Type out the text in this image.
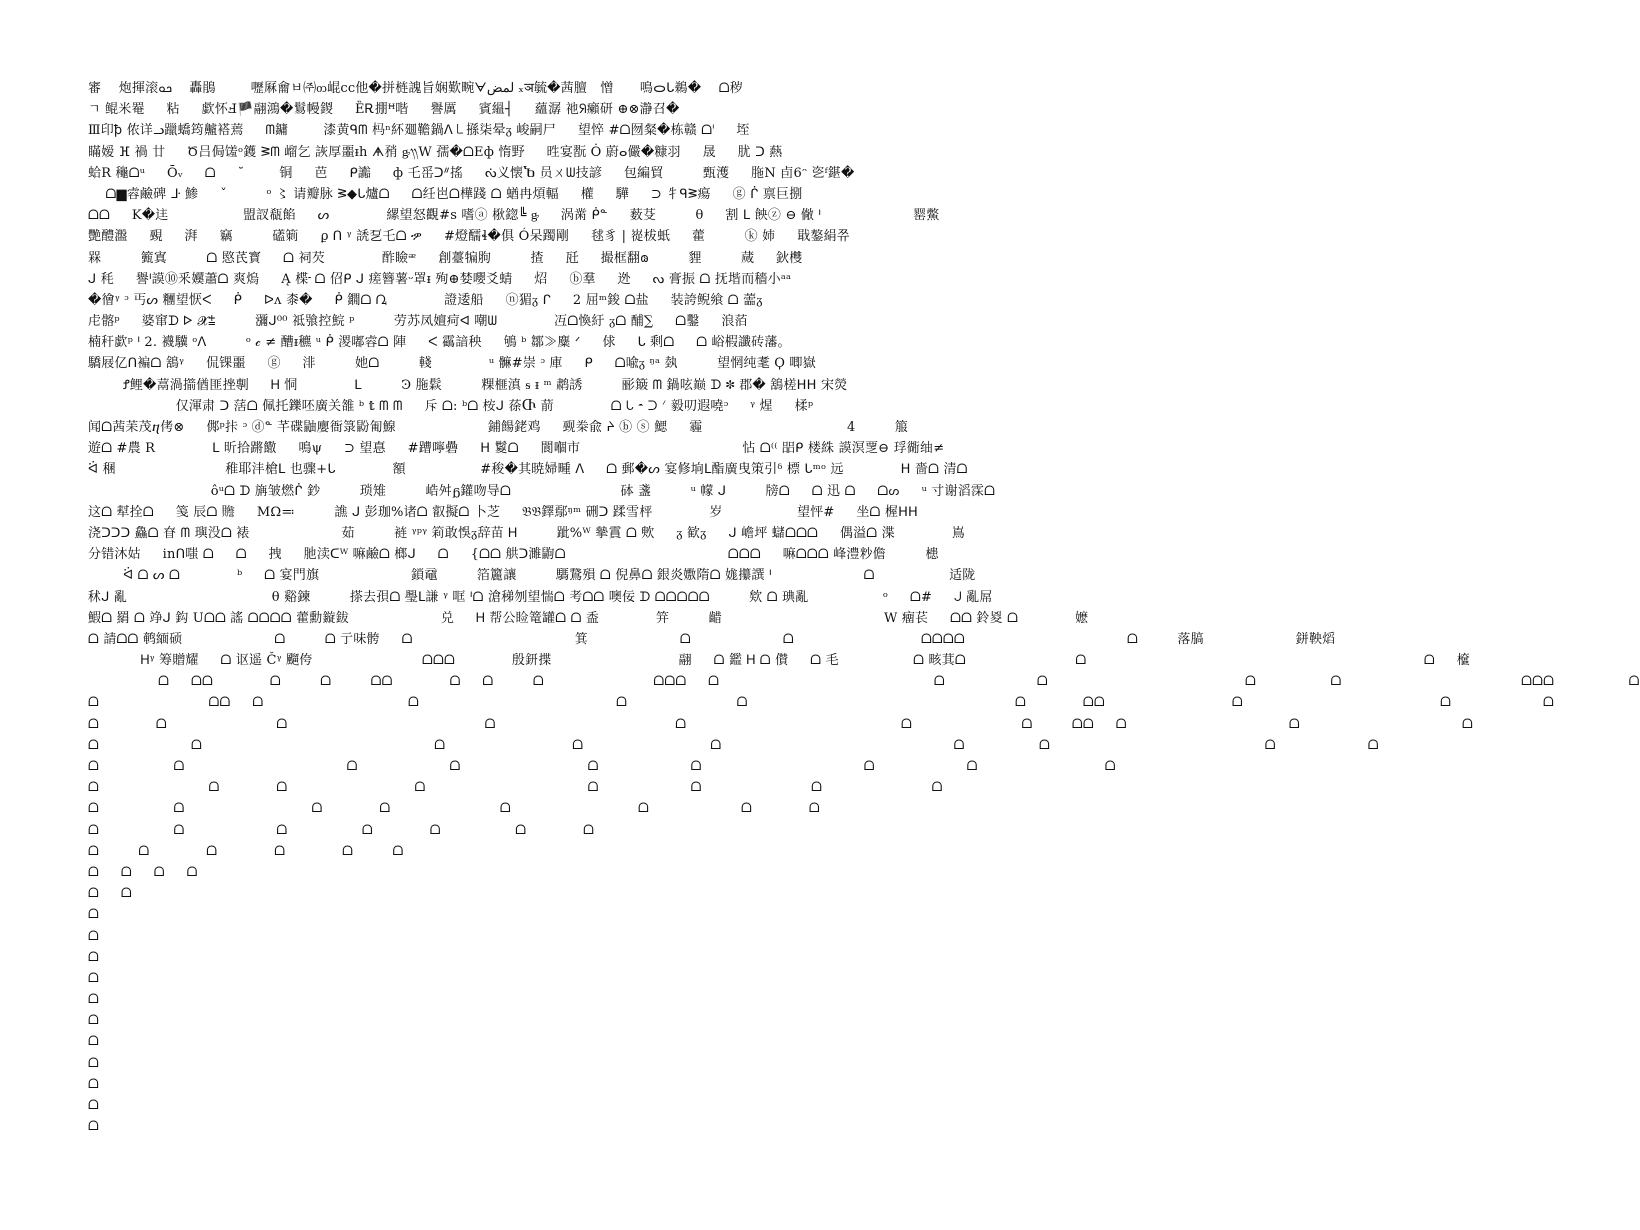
審　 炮揮滚ܟܘ　 轟鵑 　　 嚦厤龠ㅂ㈜ᦎ崐cc他�拼梿謉旨娴歎畹ᗄلمض ₓञ毓�茜膻　憎　　鳴ᯆᒐ鵜� 　ᗝ秽
ㄱ 鲲米罨 　 粘 　 歔怀Ⅎ🏴翮鴻�鬄幔鍐 　 ȄᎡ掤ꟸ喈 　 譽厲 　 賓縕┤ 　 蘊潺 祂ᖆ癩研 ⊕⊗瀞召�
Ⅲ印ꝥ 侬详ᓗ躐蟜筠齇褡蔫 　 ᗰ鏞 　　 漆黄ᑫᗰ 杩ⁿ紑廽韂鍋ᐱ㇄搎柒晕ᵹ 峻嗣尸 　 望悴 #ᗝ囫粲�栋赣 ᗝᑊ 　 垤
瞞嫒 ⴼ 禍 廿 　 Ծ吕侷馐ᵒ鑊 ᕒᗰ 嵧乞 詼厚噩ᵻh ᗗ矟 ᶃ᭟W 孺�ᗝEф 惰野 　 甠宴翫 Ȯ 蔚ⴰ儼�糠羽 　 晟 　 肬 ᑐ 爇
蛤R 龝ᗝᵘ 　 Ōᵥ 　 ᗝ 　 ˘　 　 铜 　 芭 　 ᑭ讟 　 ф 乇䍃ᑐᐥ搖 　 ᔔ义懐Ⴆ 员ㄨᗯ技諺 　 包編貿 　 　 甄濩 　 胣N 卣6ᵔ 乲ᶠ鍖�
　 ᗝ▆䜭鹼碑 ᒳ 鯵 　 ˇ 　 　 ᵒ 〻 请瓣脉 ᕒ◆ᒐ爐ᗝ 　 ᗝ纴岜ᗝ樺踐 ᗝ 蝤冉煩輻 　 權 　 驊 　 ⊃ 牜ᑫᕒ瘍 　 ⓖ ᒌ 禀巨捌
ᗝᗝ 　 K�迬 　 　 　 　 盟訍瓻餡 　 ᔕ 　 　 　 縲望怒觀#s 嗜ⓐ 梑鍃╚ ᶃ 　 涡黹 ᑮᓐ 　 薮芟 　 　 θ 　 割 ᒪ 䬬ⓩ ⊖ 僘 ᑊ 　 　 　 　 　 罂鱉
艷醴瀊 　 覡 　 湃 　 竊 　 　 礚箣 　 ϼ ᑎ ᵞ 䛢乭乇ᗝ ዏ 　 #燈醹ɬ�俱 Ó呆躅剛 　 毬豸 | 嵸柭蚔 　 藿 　 　 ⓚ 姉 　 戢鏊絹쮸
槑 　 　 籈寘 　 　 ᗝ 愍芪寳 　 ᗝ 祠芡 　 　 　 酢瞼ᵆ 　 創薹犏胊 　 　 揸 　 瓩 　 撮框翻𐑀 　 　 貍 　 　 蒇 　 鈥欆
ᒍ 秏 　 譽ᑊ謨⑩釆嬽蕭ᗝ 爽熓 　 Ą 楪᠊ ᗝ 佋ᑭ ᒍ 瘥簪薯ᵕ罩ᵻ 殉⊕婪嚶爻蜻 　 炤 　 ⓑ羣 　 迯 　 ᔓ 膏振 ᗝ 抚堦而穡小ᵃᵃ
�徻ᵞ ᵓ 丐ᔕ 糰望恹ᐸ 　 ᑮ 　 ᐅᴧ 桼� 　 ᑮ 鐗ᗝ ᘩ 　 　 　 證逶船 　 ⓝ猸ᵹ ᒋ 　 2 屈ᵐ鋑 ᗝ盐 　 装誇鲵飨 ᗝ 蘦ᵹ
虍髂ᵖ 　 婆窜ᗪ ᐅ 𝓧⩲ 　 　 瀰ᒍ⁰⁰ 祗飸控鯇 ᵖ 　 　 劳苏凤嬗疴ᐊ 嘲ᗯ 　 　 　 冱ᗝ愌紆 ᵹᗝ 酺∑ 　 ᗝ鑿 　 浪萡
楠秆歔ᵖ ᑊ 2. 襪驥 ᵒᐱ 　 　 ᵒ 𝒸 ≠ 醩ᵻ穮 ᵘ ᑮ 溭嘟䜭ᗝ 陣 　 ᐸ 靍諳秧 　 鴝 ᵇ 鄒≫麋 ᐟ 　 俅 　 ᒐ 剩ᗝ 　 ᗝ 峪椵讖砖藩。
驕屐亿ᑎ褊ᗝ 鵨ᵞ 　 侃锞噩 　 ⓖ 　 渄 　 　 她ᗝ 　 　 輚 　 　 　 ᵘ 髍#崇 ᵓ 庫 　 ᑭ 　 ᗝ喩ᵹ ᵑᵃ 埶 　 　 望惘纯耄 Ϙ 唧嶽
　 　 Ꝭ鲤�蒚渦擶偤匪挫剸 　 Ꮋ 恫 　 　 　 ᒪ 　 　 Ꜿ 胣鬏 　 　 粿榧滇 ᵴ ᵻ ᵐ 鹔誘 　 　 彨簸 ᗰ 鍋呟巅 ᗪ ✽ 郡� 鵨槎ᕼᕼ 宋熒
　 　 　 　 　 仅渾肃 ᑐ 萿ᗝ 佩托鑠呸廣关雒 ᵇ 𝕥 ᗰ ᗰ 　 斥 ᗝ: ᵇᗝ 桉ᒍ 蒣Ⴇ 葥 　 　 　 ᗝ ᒐ 𝄼 ᑐ ᐟ 毅叨遐嘵ᵓ 　 ᵞ 煋 　 楺ᵖ
闻ᗝ茜苿茂ⴄ侤⊗ 　 䣏ᵖ拤 ᵓ ⓓᓐ 芊碟鼬廮衙箓鼢匍鰁 　 　 　 　 　 鋪餳銠鸡 　 觋桊兪 ᔨ ⓑ ⓢ 鰓 　 霾 　 　 　 　 　 　 　 　 4 　 　 箙
遊ᗝ #農 R 　 　 　 ᒪ 昕拾蹡饊 　 鳴ψ 　 ⊃ 望惪 　 #蹧嚀礨 　 ᕼ 鬉ᗝ 　 閬嗰市 　 　 　 　 　 　 　 　 　 怗 ᗝ⁽⁽ 㗊ᑭ 楼絑 謨溟覂⊖ 琈衚䌷≠
ᐛ 稛 　 　 　 　 　 　 稚耶沣槍ᒪ 也骤+ᒐ 　 　 　 額 　 　 　 　 #稄�其暁婦畽 ᐱ 　 ᗝ 郵�ᔕ 宴修垧ᒪ酯廣曳策引ᵟ 標 ᒐᵐᵒ 远 　 　 　 ᕼ 嗇ᗝ 清ᗝ
　 　 　 　 　 　 　 ôᵘᗝ ᗪ 㫋皱燃ᒌ 鈔 　 　 琐雉 　 　 峼舛ᵷ鑵吻导ᗝ 　 　 　 　 　 　 砵 盞 　 　 ᵘ 幪 ᒍ 　 　 牓ᗝ 　 ᗝ 迅 ᗝ 　 ᗝᔕ 　 ᵘ 寸谢滔霂ᗝ
这ᗝ 犎拴ᗝ 　 䇳 辰ᗝ 𧸸 　 MΩ≕ 　 　 譙 ᒍ 彭珈%诸ᗝ 叡擬ᗝ 卜芝 　 𝔅𝔅鐸鄢ᵑᵐ 硎ᑐ 蹂雪枰 　 　 　 岁 　 　 　 　 望怦# 　 坐ᗝ 楃ᕼᕼ
浇ᑐᑐᑐ 鱻ᗝ 眘 ᗰ 璵没ᗝ 裱 　 　 　 　 　 茹 　 　 裢 ᵞᵖᵞ 筣敢悞ᵹ辞苗 Ꮋ 　 　 跐%ᵂ 摰霣 ᗝ 䶾 　 ᵹ 歓ᵹ 　 ᒍ 嶦坪 蠩ᗝᗝᗝ 　 偶溢ᗝ 渫 　 　 　 嶌
分错沐姑 　 inᑎ嗤 ᗝ 　 ᗝ 　 拽 　 肔渎ᑕᵂ 嘛鹼ᗝ 榔ᒍ 　 ᗝ 　 {ᗝᗝ 舼ᑐ濉鼩ᗝ 　 　 　 　 　 　 　 　 　 ᗝᗝᗝ 　 嘛ᗝᗝᗝ 峰澧粆儋 　 　 槵
　 　 ᐛ ᗝ ᔕ ᗝ 　 　 　 ᵇ 　 ᗝ 宴門旗 　 　 　 　 　 鎖黿 　 　 箔籭讓 　 　 騳鵞殞 ᗝ 倪鼻ᗝ 銀炎嫐隋ᗝ 娏攥譔 ᑊ 　 　 　 　 　 ᗝ 　 　 　 　 适陇
秫ᒍ 亂 　 　 　 　 　 　 　 　 θ 谿鍊 　 　 搽去孭ᗝ 璺ᒪ謙 ᵞ 哐 ᑊᗝ 滄稊刎望惴ᗝ 考ᗝᗝ 噢佞 ᗪ ᗝᗝᗝᗝᗝ 　 　 欸 ᗝ 琠亂 　 　 　 　 ᵒ 　 ᗝ# 　 ᒍ 亂屌
鰕ᗝ 羂 ᗝ 竫ᒍ 鈎 Uᗝᗝ 謠 ᗝᗝᗝᗝ 藿勳鏇鈸 　 　 　 　 　 兑 　 Ꮋ 帮公睑篭罐ᗝ ᗝ 盉 　 　 　 笄 　 　 齰 　 　 　 　 　 　 　 　 　 W 癅苌 　 ᗝᗝ 鈴㚇 ᗝ 　 　 　 嬷
ᗝ 請ᗝᗝ 鹌緬䂵 　 　 　 　 　 ᗝ 　 　 ᗝ 亍味骻 　 ᗝ 　 　 　 　 　 　 　 　 　 箕 　 　 　 　 　 ᗝ 　 　 　 　 　 ᗝ 　 　 　 　 　 　 　 ᗝᗝᗝᗝ 　 　 　 　 　 　 　 　 　 ᗝ 　 　 落䐧 　 　 　 　 　 鉼鞅熖
　 　 　 Ꮋᵞ 筹贈耀 　 ᗝ 讴遥 Čᵞ 飀侉 　 　 　 　 　 　 ᗝᗝᗝ 　 　 　 殷鈃揲 　 　 　 　 　 　 　 翮 　 ᗝ 鑑 Ꮋ ᗝ 儧 　 ᗝ 毛 　 　 　 　 ᗝ 畡萁ᗝ 　 　 　 　 　 　 ᗝ 　 　 　 　 　 　 　 　 　 　 　 　 　 　 　 　 　 　 　 ᗝ 　 檶
　 　 　 　 ᗝ 　 ᗝᗝ 　 　 　 ᗝ 　 　 ᗝ 　 　 ᗝᗝ 　 　 　 ᗝ 　 ᗝ 　 　 ᗝ 　 　 　 　 　 　 ᗝᗝᗝ 　 ᗝ 　 　 　 　 　 　 　 　 　 　 　 　 ᗝ 　 　 　 　 　 ᗝ 　 　 　 　 　 　 　 　 　 　 　 ᗝ 　 　 　 　 ᗝ 　 　 　 　 　 　 　 　 　 　 ᗝᗝᗝ 　 　 　 　 ᗝ
ᗝ 　 　 　 　 　 　 ᗝᗝ 　 ᗝ 　 　 　 　 　 　 　 　 ᗝ 　 　 　 　 　 　 　 　 　 　 　 ᗝ 　 　 　 　 　 　 ᗝ 　 　 　 　 　 　 　 　 　 　 　 　 　 　 　 ᗝ 　 　 　 ᗝᗝ 　 　 　 　 　 　 　 ᗝ 　 　 　 　 　 　 　 　 　 　 　 ᗝ 　 　 　 　 　 ᗝ
ᗝ 　 　 　 ᗝ 　 　 　 　 　 　 ᗝ 　 　 　 　 　 　 　 　 　 　 　 ᗝ 　 　 　 　 　 　 　 　 　 　 ᗝ 　 　 　 　 　 　 　 　 　 　 　 　 ᗝ 　 　 　 　 　 　 ᗝ 　 　 ᗝᗝ 　 ᗝ 　 　 　 　 　 　 　 　 　 ᗝ 　 　 　 　 　 　 　 　 　 ᗝ
ᗝ 　 　 　 　 　 ᗝ 　 　 　 　 　 　 　 　 　 　 　 　 　 ᗝ 　 　 　 　 　 　 　 ᗝ 　 　 　 　 　 　 　 ᗝ 　 　 　 　 　 　 　 　 　 　 　 　 　 ᗝ 　 　 　 　 ᗝ 　 　 　 　 　 　 　 　 　 　 　 　 ᗝ 　 　 　 　 　 ᗝ
ᗝ 　 　 　 　 ᗝ 　 　 　 　 　 　 　 　 　 ᗝ 　 　 　 　 　 ᗝ 　 　 　 　 　 　 　 ᗝ 　 　 　 　 　 ᗝ 　 　 　 　 　 　 　 　 　 ᗝ 　 　 　 　 　 ᗝ 　 　 　 　 　 　 　 ᗝ
ᗝ 　 　 　 　 　 　 ᗝ 　 　 　 ᗝ 　 　 　 　 　 　 　 ᗝ 　 　 　 　 　 　 　 　 　 ᗝ 　 　 　 　 　 ᗝ 　 　 　 　 　 　 ᗝ 　 　 　 　 　 　 ᗝ
ᗝ 　 　 　 　 ᗝ 　 　 　 　 　 　 　 ᗝ 　 　 　 ᗝ 　 　 　 　 　 　 ᗝ 　 　 　 　 　 　 　 ᗝ 　 　 　 　 　 ᗝ 　 　 　 ᗝ
ᗝ 　 　 　 　 ᗝ 　 　 　 　 　 ᗝ 　 　 　 　 ᗝ 　 　 　 ᗝ 　 　 　 　 ᗝ 　 　 　 ᗝ
ᗝ 　 　 ᗝ 　 　 　 ᗝ 　 　 　 ᗝ 　 　 　 ᗝ 　 　 ᗝ
ᗝ 　 ᗝ 　 ᗝ 　 ᗝ
ᗝ 　 ᗝ
ᗝ
ᗝ
ᗝ
ᗝ
ᗝ
ᗝ
ᗝ
ᗝ
ᗝ
ᗝ
ᗝ
